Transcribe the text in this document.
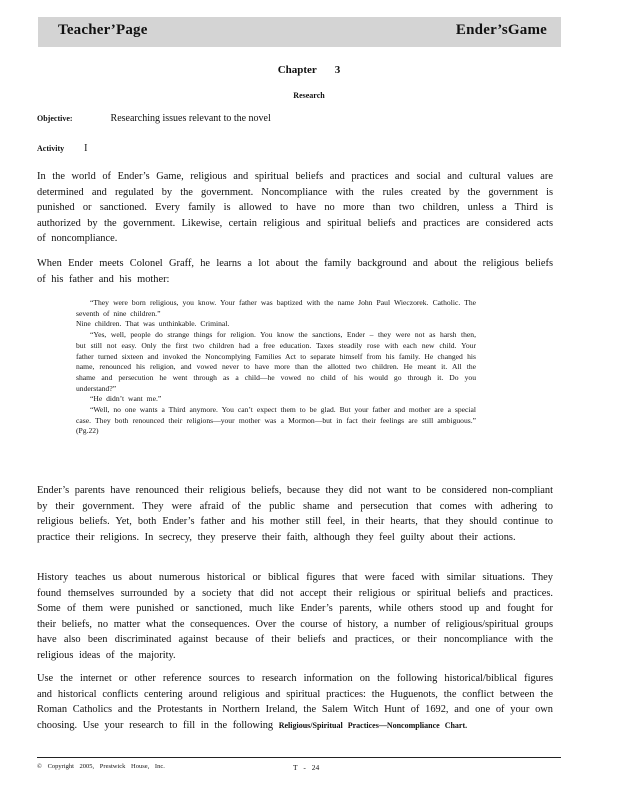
Teacher’Page	Ender’sGame
Chapter 3
Research
Objective:	Researching issues relevant to the novel
Activity I
In the world of Ender’s Game, religious and spiritual beliefs and practices and social and cultural values are determined and regulated by the government. Noncompliance with the rules created by the government is punished or sanctioned. Every family is allowed to have no more than two children, unless a Third is authorized by the government. Likewise, certain religious and spiritual beliefs and practices are considered acts of noncompliance.
When Ender meets Colonel Graff, he learns a lot about the family background and about the religious beliefs of his father and his mother:

“They were born religious, you know. Your father was baptized with the name John Paul Wieczorek. Catholic. The seventh of nine children.”

Nine children. That was unthinkable. Criminal.

“Yes, well, people do strange things for religion. You know the sanctions, Ender – they were not as harsh then, but still not easy. Only the first two children had a free education. Taxes steadily rose with each new child. Your father turned sixteen and invoked the Noncomplying Families Act to separate himself from his family. He changed his name, renounced his religion, and vowed never to have more than the allotted two children. He meant it. All the shame and persecution he went through as a child—he vowed no child of his would go through it. Do you understand?”

“He didn’t want me.”

“Well, no one wants a Third anymore. You can’t expect them to be glad. But your father and mother are a special case. They both renounced their religions—your mother was a Mormon—but in fact their feelings are still ambiguous.” (Pg.22)

Ender’s parents have renounced their religious beliefs, because they did not want to be considered non-compliant by their government. They were afraid of the public shame and persecution that comes with adhering to religious beliefs. Yet, both Ender’s father and his mother still feel, in their hearts, that they should continue to practice their religions. In secrecy, they preserve their faith, although they feel guilty about their actions.
History teaches us about numerous historical or biblical figures that were faced with similar situations. They found themselves surrounded by a society that did not accept their religious or spiritual beliefs and practices. Some of them were punished or sanctioned, much like Ender’s parents, while others stood up and fought for their beliefs, no matter what the consequences. Over the course of history, a number of religious/spiritual groups have also been discriminated against because of their beliefs and practices, or their noncompliance with the religious ideas of the majority.
Use the internet or other reference sources to research information on the following historical/biblical figures and historical conflicts centering around religious and spiritual practices: the Huguenots, the conflict between the Roman Catholics and the Protestants in Northern Ireland, the Salem Witch Hunt of 1692, and one of your own choosing. Use your research to fill in the following Religious/Spiritual Practices—Noncompliance Chart.
© Copyright 2005, Prestwick House, Inc.	T - 24
